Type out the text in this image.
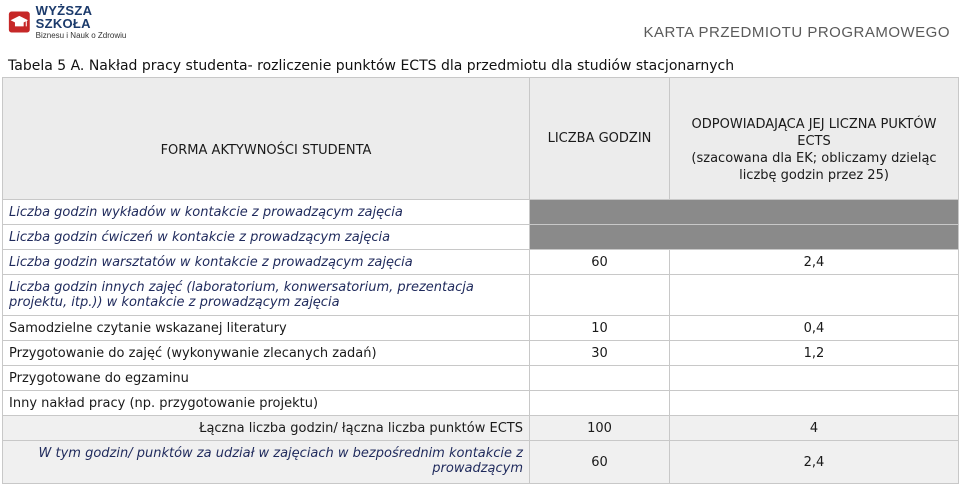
WYŻSZA SZKOŁA
Biznesu i Nauk o Zdrowiu	KARTA PRZEDMIOTU PROGRAMOWEGO
Tabela 5 A. Nakład pracy studenta- rozliczenie punktów ECTS dla przedmiotu dla studiów stacjonarnych
FORMA AKTYWNOŚCI STUDENTA	LICZBA GODZIN	ODPOWIADAJĄCA JEJ LICZNA PUKTÓW
ECTS
(szacowana dla EK; obliczamy dzieląc
liczbę godzin przez 25)

Liczba godzin wykładów w kontakcie z prowadzącym zajęcia		
Liczba godzin ćwiczeń w kontakcie z prowadzącym zajęcia		
Liczba godzin warsztatów w kontakcie z prowadzącym zajęcia	60	2,4
Liczba godzin innych zajęć (laboratorium, konwersatorium, prezentacja projektu, itp.)) w kontakcie z prowadzącym zajęcia		
Samodzielne czytanie wskazanej literatury	10	0,4
Przygotowanie do zajęć (wykonywanie zlecanych zadań)	30	1,2
Przygotowane do egzaminu		
Inny nakład pracy (np. przygotowanie projektu)		
Łączna liczba godzin/ łączna liczba punktów ECTS	100	4
W tym godzin/ punktów za udział w zajęciach w bezpośrednim kontakcie z prowadzącym	60	2,4
